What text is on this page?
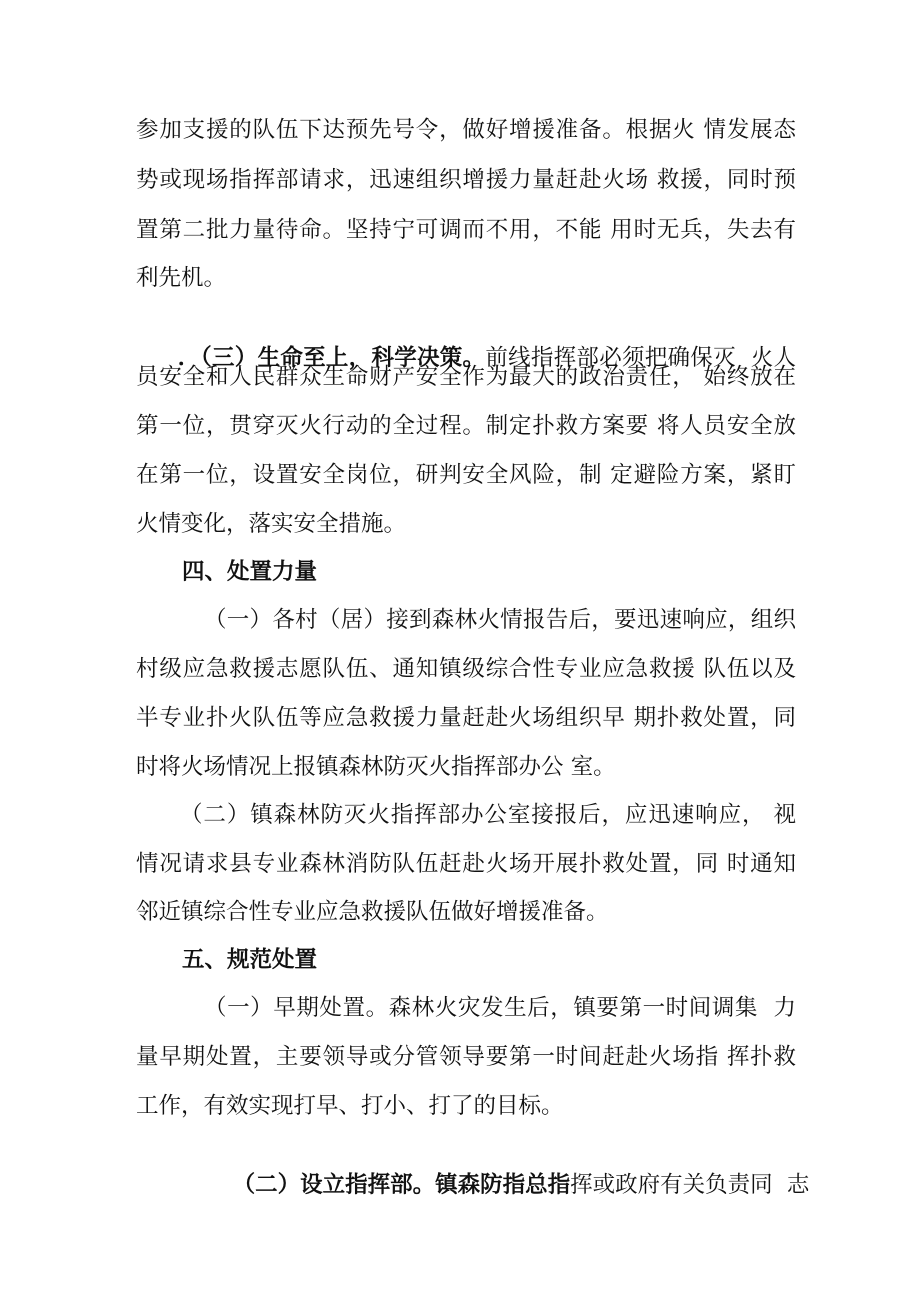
参加支援的队伍下达预先号令，做好增援准备。根据火 情发展态
势或现场指挥部请求，迅速组织增援力量赶赴火场 救援，同时预
置第二批力量待命。坚持宁可调而不用，不能 用时无兵，失去有
利先机。

．（三）生命至上，科学决策。前线指挥部必须把确保灭  火人

员安全和人民群众生命财产安全作为最大的政治责任， 始终放在
第一位，贯穿灭火行动的全过程。制定扑救方案要 将人员安全放
在第一位，设置安全岗位，研判安全风险，制 定避险方案，紧盯
火情变化，落实安全措施。
四、处置力量
（一）各村（居）接到森林火情报告后，要迅速响应，组织
村级应急救援志愿队伍、通知镇级综合性专业应急救援 队伍以及
半专业扑火队伍等应急救援力量赶赴火场组织早 期扑救处置，同
时将火场情况上报镇森林防灭火指挥部办公 室。
（二）镇森林防灭火指挥部办公室接报后，应迅速响应， 视
情况请求县专业森林消防队伍赶赴火场开展扑救处置，同 时通知
邻近镇综合性专业应急救援队伍做好增援准备。
五、规范处置
（一）早期处置。森林火灾发生后，镇要第一时间调集  力
量早期处置，主要领导或分管领导要第一时间赶赴火场指 挥扑救
工作，有效实现打早、打小、打了的目标。

（二）设立指挥部。镇森防指总指挥或政府有关负责同  志
